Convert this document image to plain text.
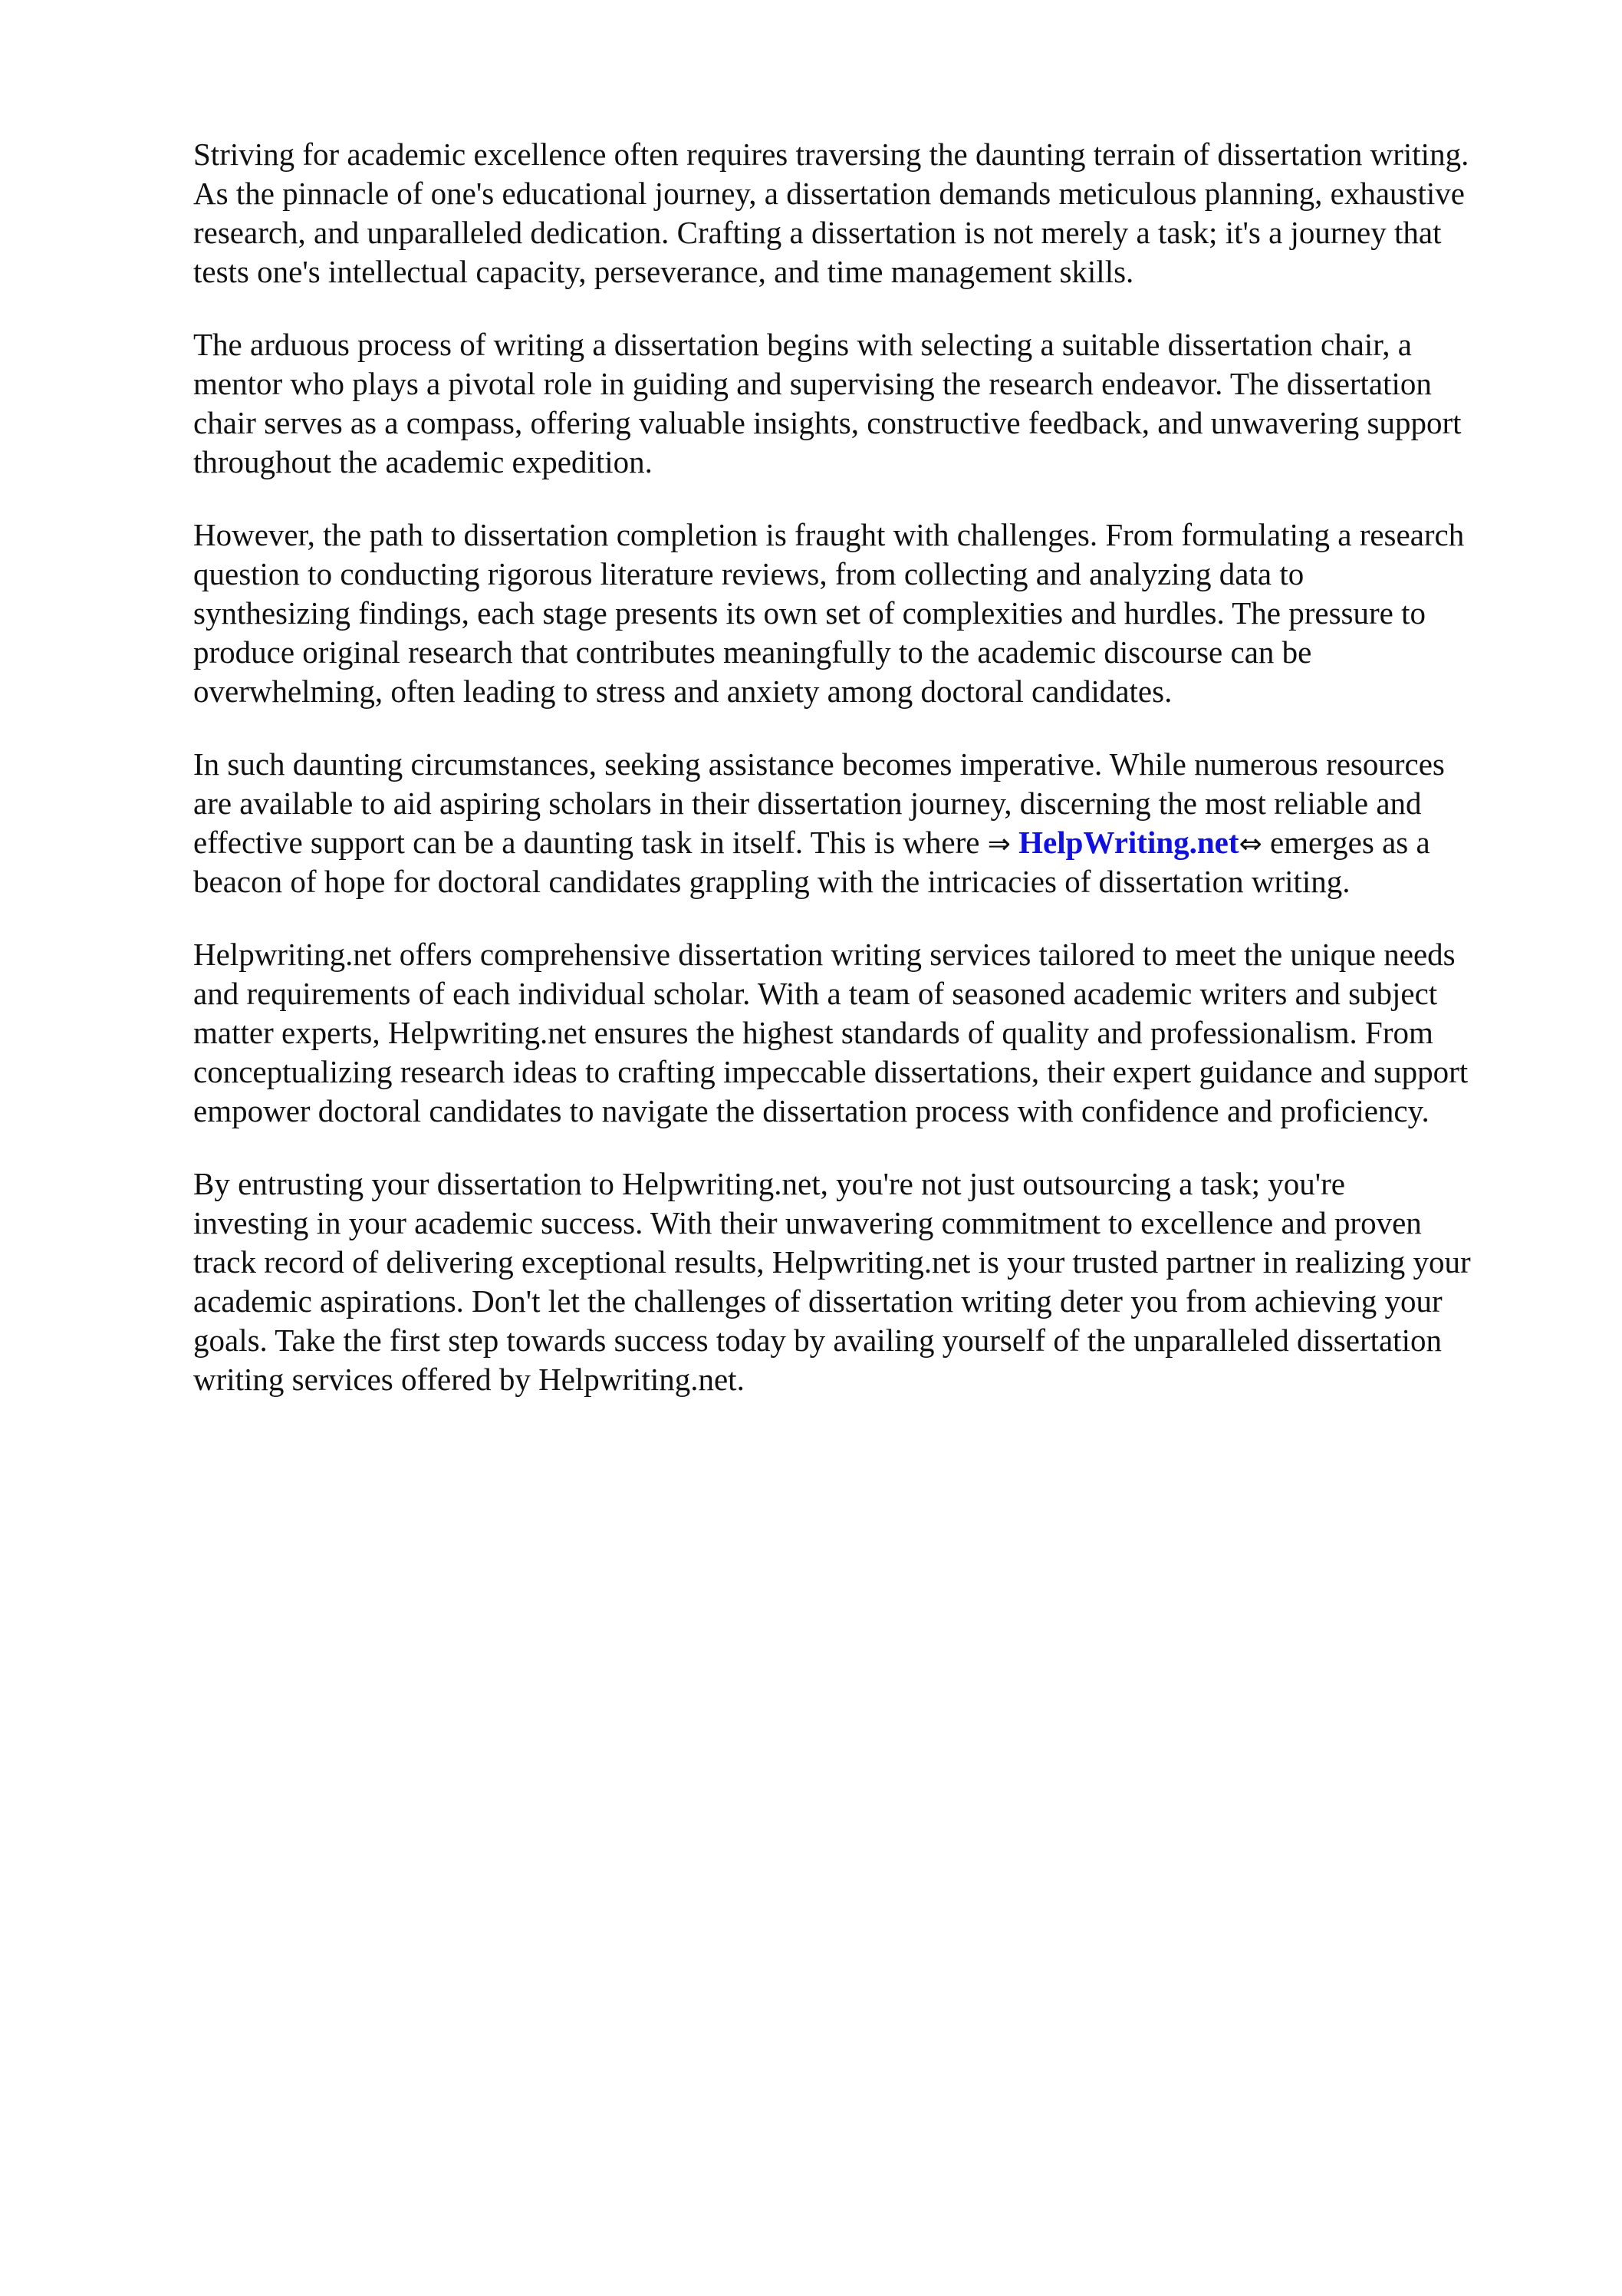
Striving for academic excellence often requires traversing the daunting terrain of dissertation writing.
As the pinnacle of one's educational journey, a dissertation demands meticulous planning, exhaustive
research, and unparalleled dedication. Crafting a dissertation is not merely a task; it's a journey that
tests one's intellectual capacity, perseverance, and time management skills.

The arduous process of writing a dissertation begins with selecting a suitable dissertation chair, a
mentor who plays a pivotal role in guiding and supervising the research endeavor. The dissertation
chair serves as a compass, offering valuable insights, constructive feedback, and unwavering support
throughout the academic expedition.

However, the path to dissertation completion is fraught with challenges. From formulating a research
question to conducting rigorous literature reviews, from collecting and analyzing data to
synthesizing findings, each stage presents its own set of complexities and hurdles. The pressure to
produce original research that contributes meaningfully to the academic discourse can be
overwhelming, often leading to stress and anxiety among doctoral candidates.

In such daunting circumstances, seeking assistance becomes imperative. While numerous resources
are available to aid aspiring scholars in their dissertation journey, discerning the most reliable and
effective support can be a daunting task in itself. This is where ⇒ HelpWriting.net⇔ emerges as a
beacon of hope for doctoral candidates grappling with the intricacies of dissertation writing.

Helpwriting.net offers comprehensive dissertation writing services tailored to meet the unique needs
and requirements of each individual scholar. With a team of seasoned academic writers and subject
matter experts, Helpwriting.net ensures the highest standards of quality and professionalism. From
conceptualizing research ideas to crafting impeccable dissertations, their expert guidance and support
empower doctoral candidates to navigate the dissertation process with confidence and proficiency.

By entrusting your dissertation to Helpwriting.net, you're not just outsourcing a task; you're
investing in your academic success. With their unwavering commitment to excellence and proven
track record of delivering exceptional results, Helpwriting.net is your trusted partner in realizing your
academic aspirations. Don't let the challenges of dissertation writing deter you from achieving your
goals. Take the first step towards success today by availing yourself of the unparalleled dissertation
writing services offered by Helpwriting.net.
